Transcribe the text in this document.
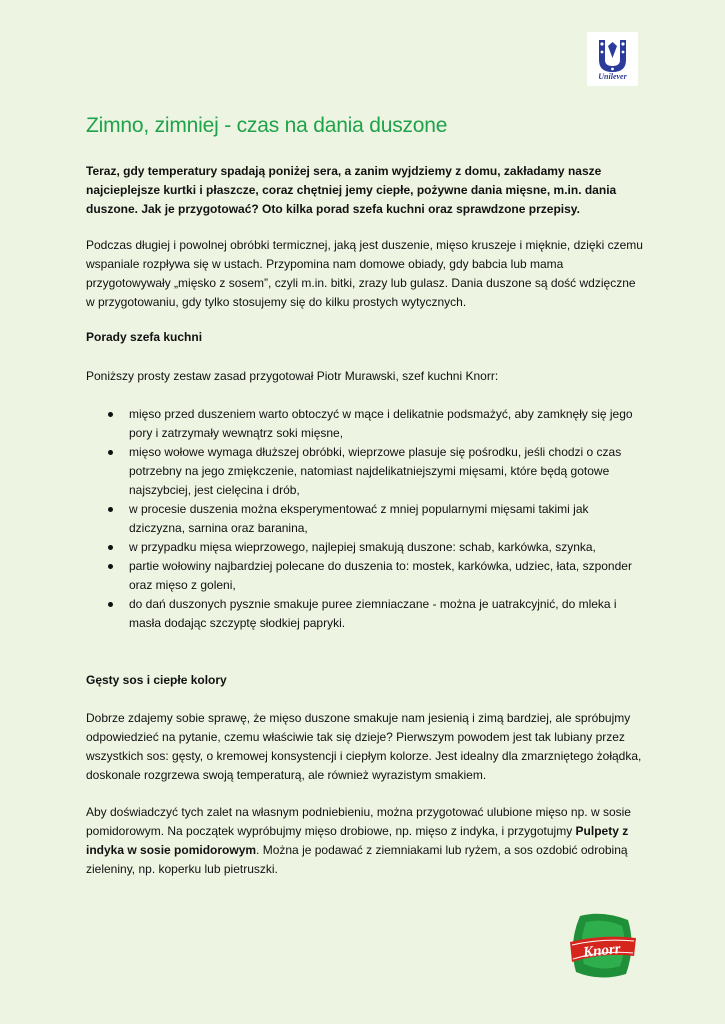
Unilever
Zimno, zimniej - czas na dania duszone

Teraz, gdy temperatury spadają poniżej sera, a zanim wyjdziemy z domu, zakładamy nasze najcieplejsze kurtki i płaszcze, coraz chętniej jemy ciepłe, pożywne dania mięsne, m.in. dania duszone. Jak je przygotować? Oto kilka porad szefa kuchni oraz sprawdzone przepisy.

Podczas długiej i powolnej obróbki termicznej, jaką jest duszenie, mięso kruszeje i mięknie, dzięki czemu wspaniale rozpływa się w ustach. Przypomina nam domowe obiady, gdy babcia lub mama przygotowywały „mięsko z sosem”, czyli m.in. bitki, zrazy lub gulasz. Dania duszone są dość wdzięczne w przygotowaniu, gdy tylko stosujemy się do kilku prostych wytycznych.

Porady szefa kuchni

Poniższy prosty zestaw zasad przygotował Piotr Murawski, szef kuchni Knorr:

mięso przed duszeniem warto obtoczyć w mące i delikatnie podsmażyć, aby zamknęły się jego pory i zatrzymały wewnątrz soki mięsne,
mięso wołowe wymaga dłuższej obróbki, wieprzowe plasuje się pośrodku, jeśli chodzi o czas potrzebny na jego zmiękczenie, natomiast najdelikatniejszymi mięsami, które będą gotowe najszybciej, jest cielęcina i drób,
w procesie duszenia można eksperymentować z mniej popularnymi mięsami takimi jak dziczyzna, sarnina oraz baranina,
w przypadku mięsa wieprzowego, najlepiej smakują duszone: schab, karkówka, szynka,
partie wołowiny najbardziej polecane do duszenia to: mostek, karkówka, udziec, łata, szponder oraz mięso z goleni,
do dań duszonych pysznie smakuje puree ziemniaczane - można je uatrakcyjnić, do mleka i masła dodając szczyptę słodkiej papryki.

Gęsty sos i ciepłe kolory

Dobrze zdajemy sobie sprawę, że mięso duszone smakuje nam jesienią i zimą bardziej, ale spróbujmy odpowiedzieć na pytanie, czemu właściwie tak się dzieje? Pierwszym powodem jest tak lubiany przez wszystkich sos: gęsty, o kremowej konsystencji i ciepłym kolorze. Jest idealny dla zmarzniętego żołądka, doskonale rozgrzewa swoją temperaturą, ale również wyrazistym smakiem.

Aby doświadczyć tych zalet na własnym podniebieniu, można przygotować ulubione mięso np. w sosie pomidorowym. Na początek wypróbujmy mięso drobiowe, np. mięso z indyka, i przygotujmy Pulpety z indyka w sosie pomidorowym. Można je podawać z ziemniakami lub ryżem, a sos ozdobić odrobiną zieleniny, np. koperku lub pietruszki.

Knorr
